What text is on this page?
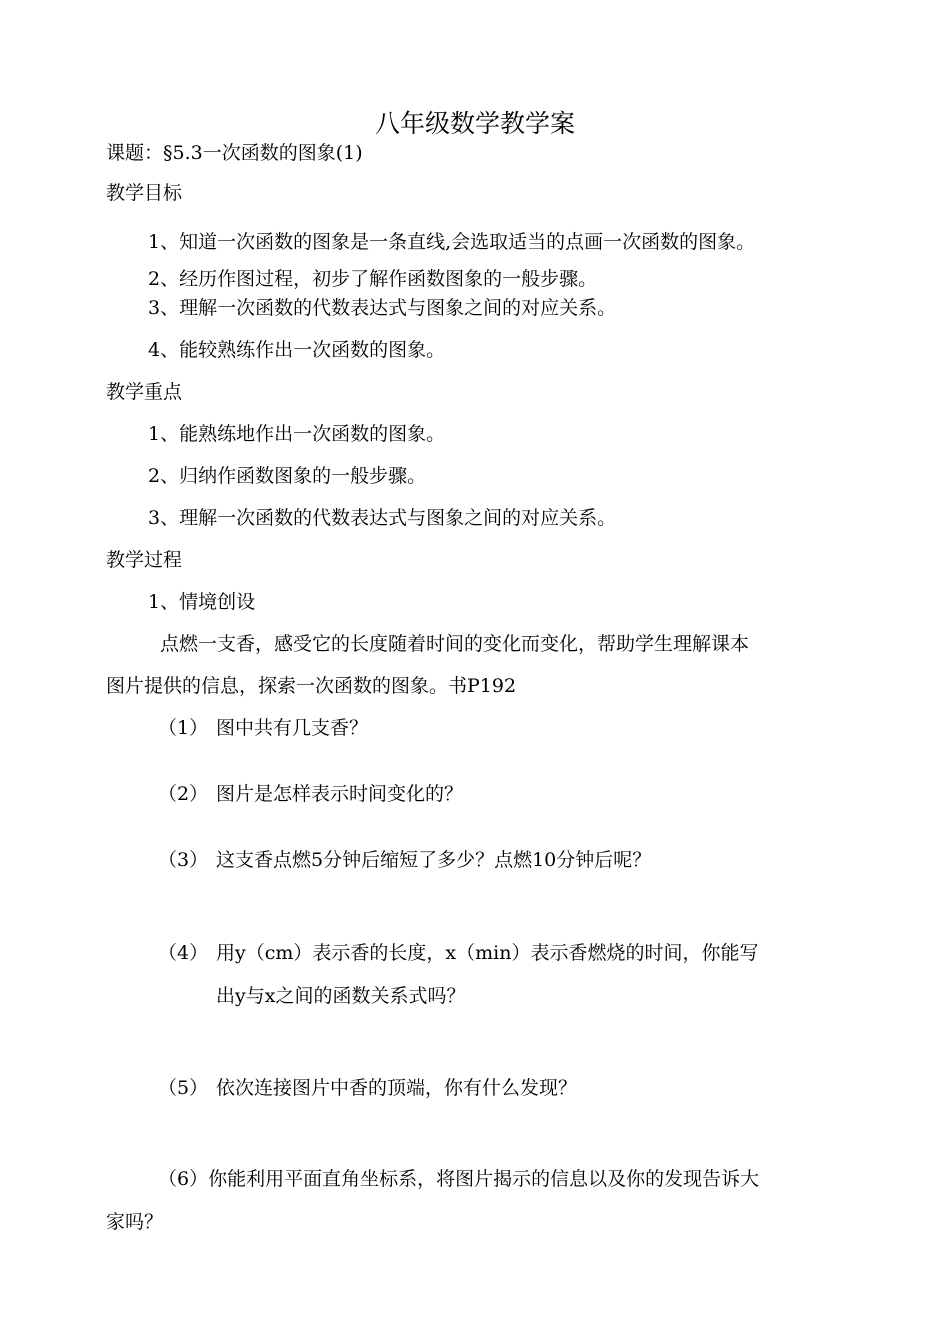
八年级数学教学案
课题：§5.3一次函数的图象(1)
教学目标
1、知道一次函数的图象是一条直线,会选取适当的点画一次函数的图象。
2、经历作图过程，初步了解作函数图象的一般步骤。
3、理解一次函数的代数表达式与图象之间的对应关系。
4、能较熟练作出一次函数的图象。
教学重点
1、能熟练地作出一次函数的图象。
2、归纳作函数图象的一般步骤。
3、理解一次函数的代数表达式与图象之间的对应关系。
教学过程
1、情境创设
点燃一支香，感受它的长度随着时间的变化而变化，帮助学生理解课本
图片提供的信息，探索一次函数的图象。书P192
（1） 图中共有几支香？
（2） 图片是怎样表示时间变化的？
（3） 这支香点燃5分钟后缩短了多少？点燃10分钟后呢？
（4） 用y（cm）表示香的长度，x（min）表示香燃烧的时间，你能写
出y与x之间的函数关系式吗？
（5） 依次连接图片中香的顶端，你有什么发现？
（6）你能利用平面直角坐标系，将图片揭示的信息以及你的发现告诉大
家吗？
